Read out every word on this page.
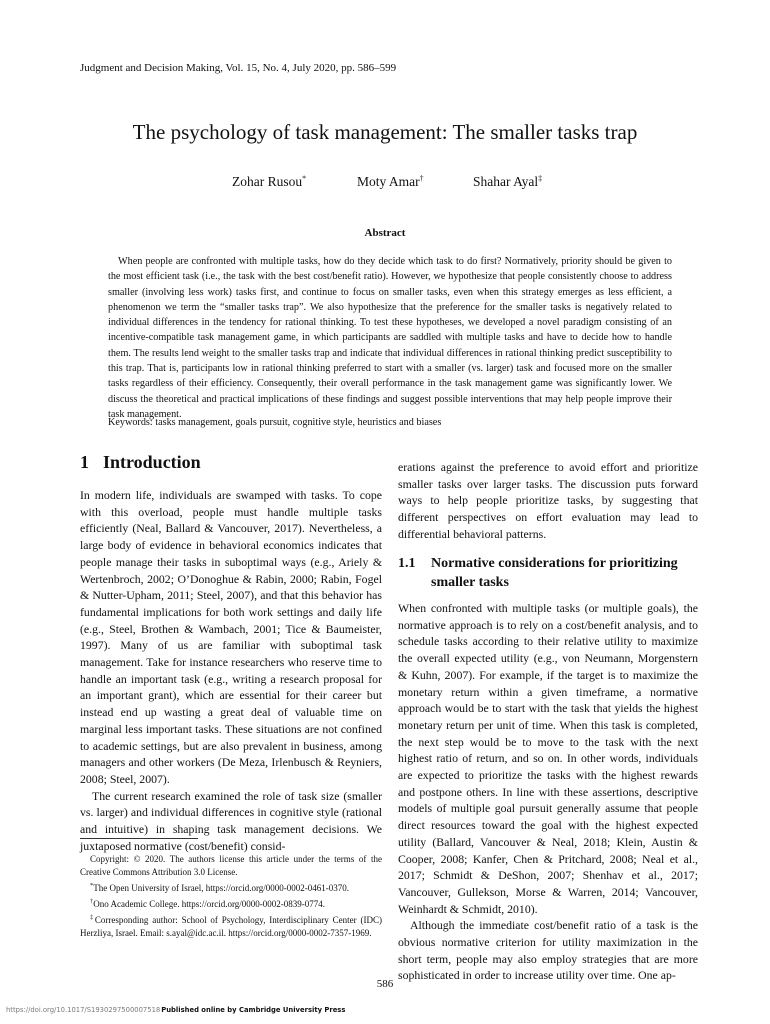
Judgment and Decision Making, Vol. 15, No. 4, July 2020, pp. 586–599
The psychology of task management: The smaller tasks trap
Zohar Rusou*	Moty Amar†	Shahar Ayal‡
Abstract

When people are confronted with multiple tasks, how do they decide which task to do first? Normatively, priority should be given to the most efficient task (i.e., the task with the best cost/benefit ratio). However, we hypothesize that people consistently choose to address smaller (involving less work) tasks first, and continue to focus on smaller tasks, even when this strategy emerges as less efficient, a phenomenon we term the “smaller tasks trap”. We also hypothesize that the preference for the smaller tasks is negatively related to individual differences in the tendency for rational thinking. To test these hypotheses, we developed a novel paradigm consisting of an incentive-compatible task management game, in which participants are saddled with multiple tasks and have to decide how to handle them. The results lend weight to the smaller tasks trap and indicate that individual differences in rational thinking predict susceptibility to this trap. That is, participants low in rational thinking preferred to start with a smaller (vs. larger) task and focused more on the smaller tasks regardless of their efficiency. Consequently, their overall performance in the task management game was significantly lower. We discuss the theoretical and practical implications of these findings and suggest possible interventions that may help people improve their task management.

Keywords: tasks management, goals pursuit, cognitive style, heuristics and biases
1 Introduction

In modern life, individuals are swamped with tasks. To cope with this overload, people must handle multiple tasks efficiently (Neal, Ballard & Vancouver, 2017). Nevertheless, a large body of evidence in behavioral economics indicates that people manage their tasks in suboptimal ways (e.g., Ariely & Wertenbroch, 2002; O’Donoghue & Rabin, 2000; Rabin, Fogel & Nutter-Upham, 2011; Steel, 2007), and that this behavior has fundamental implications for both work settings and daily life (e.g., Steel, Brothen & Wambach, 2001; Tice & Baumeister, 1997). Many of us are familiar with suboptimal task management. Take for instance researchers who reserve time to handle an important task (e.g., writing a research proposal for an important grant), which are essential for their career but instead end up wasting a great deal of valuable time on marginal less important tasks. These situations are not confined to academic settings, but are also prevalent in business, among managers and other workers (De Meza, Irlenbusch & Reyniers, 2008; Steel, 2007).

The current research examined the role of task size (smaller vs. larger) and individual differences in cognitive style (rational and intuitive) in shaping task management decisions. We juxtaposed normative (cost/benefit) consid-

Copyright: © 2020. The authors license this article under the terms of the Creative Commons Attribution 3.0 License.

*The Open University of Israel, https://orcid.org/0000-0002-0461-0370.

†Ono Academic College. https://orcid.org/0000-0002-0839-0774.

‡Corresponding author: School of Psychology, Interdisciplinary Center (IDC) Herzliya, Israel. Email: s.ayal@idc.ac.il. https://orcid.org/0000-0002-7357-1969.

erations against the preference to avoid effort and prioritize smaller tasks over larger tasks. The discussion puts forward ways to help people prioritize tasks, by suggesting that different perspectives on effort evaluation may lead to differential behavioral patterns.

1.1 Normative considerations for prioritizing smaller tasks

When confronted with multiple tasks (or multiple goals), the normative approach is to rely on a cost/benefit analysis, and to schedule tasks according to their relative utility to maximize the overall expected utility (e.g., von Neumann, Morgenstern & Kuhn, 2007). For example, if the target is to maximize the monetary return within a given timeframe, a normative approach would be to start with the task that yields the highest monetary return per unit of time. When this task is completed, the next step would be to move to the task with the next highest ratio of return, and so on. In other words, individuals are expected to prioritize the tasks with the highest rewards and postpone others. In line with these assertions, descriptive models of multiple goal pursuit generally assume that people direct resources toward the goal with the highest expected utility (Ballard, Vancouver & Neal, 2018; Klein, Austin & Cooper, 2008; Kanfer, Chen & Pritchard, 2008; Neal et al., 2017; Schmidt & DeShon, 2007; Shenhav et al., 2017; Vancouver, Gullekson, Morse & Warren, 2014; Vancouver, Weinhardt & Schmidt, 2010).

Although the immediate cost/benefit ratio of a task is the obvious normative criterion for utility maximization in the short term, people may also employ strategies that are more sophisticated in order to increase utility over time. One ap-

586
https://doi.org/10.1017/S1930297500007518Published online by Cambridge University Press
